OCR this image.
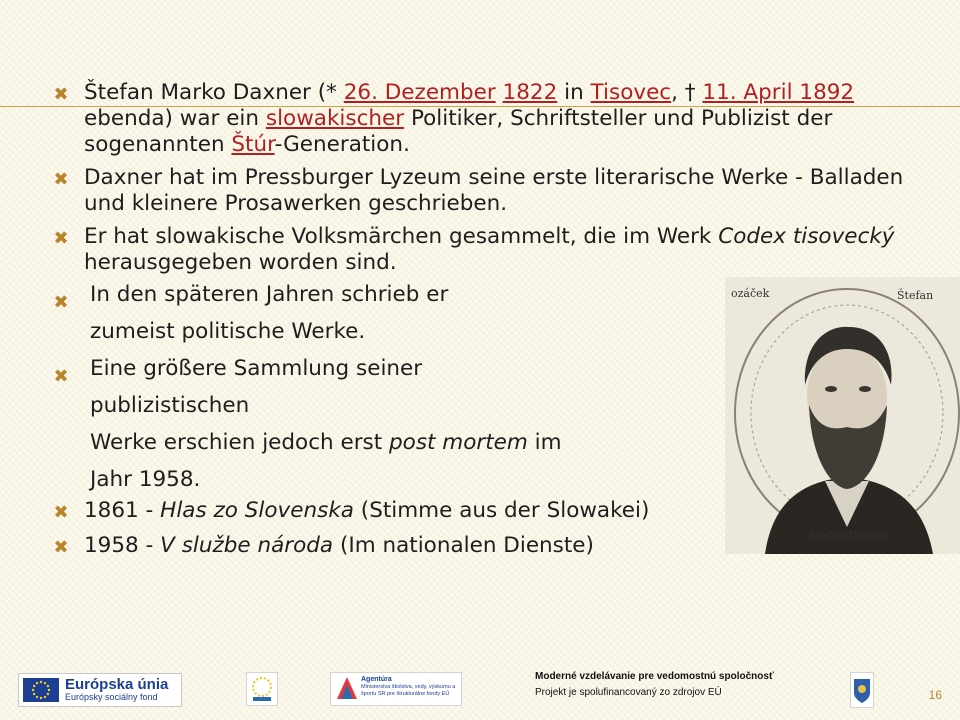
✖ Štefan Marko Daxner (* 26. Dezember 1822 in Tisovec, † 11. April 1892 ebenda) war ein slowakischer Politiker, Schriftsteller und Publizist der sogenannten Štúr-Generation.
✖ Daxner hat im Pressburger Lyzeum seine erste literarische Werke - Balladen und kleinere Prosawerken geschrieben.
✖ Er hat slowakische Volksmärchen gesammelt, die im Werk Codex tisovecký herausgegeben worden sind.
✖ In den späteren Jahren schrieb er
zumeist politische Werke.
✖ Eine größere Sammlung seiner
publizistischen
Werke erschien jedoch erst post mortem im
Jahr 1958.
✖ 1861 - Hlas zo Slovenska (Stimme aus der Slowakei)
✖ 1958 - V službe národa (Im nationalen Dienste)
ozáček	Štefan
Štefan Daxner.
Európska únia
Európsky sociálny fond
Agentúra
Ministerstva školstva, vedy, výskumu a športu SR pre štrukturálne fondy EÚ
Moderné vzdelávanie pre vedomostnú spoločnosť
Projekt je spolufinancovaný zo zdrojov EÚ	16
